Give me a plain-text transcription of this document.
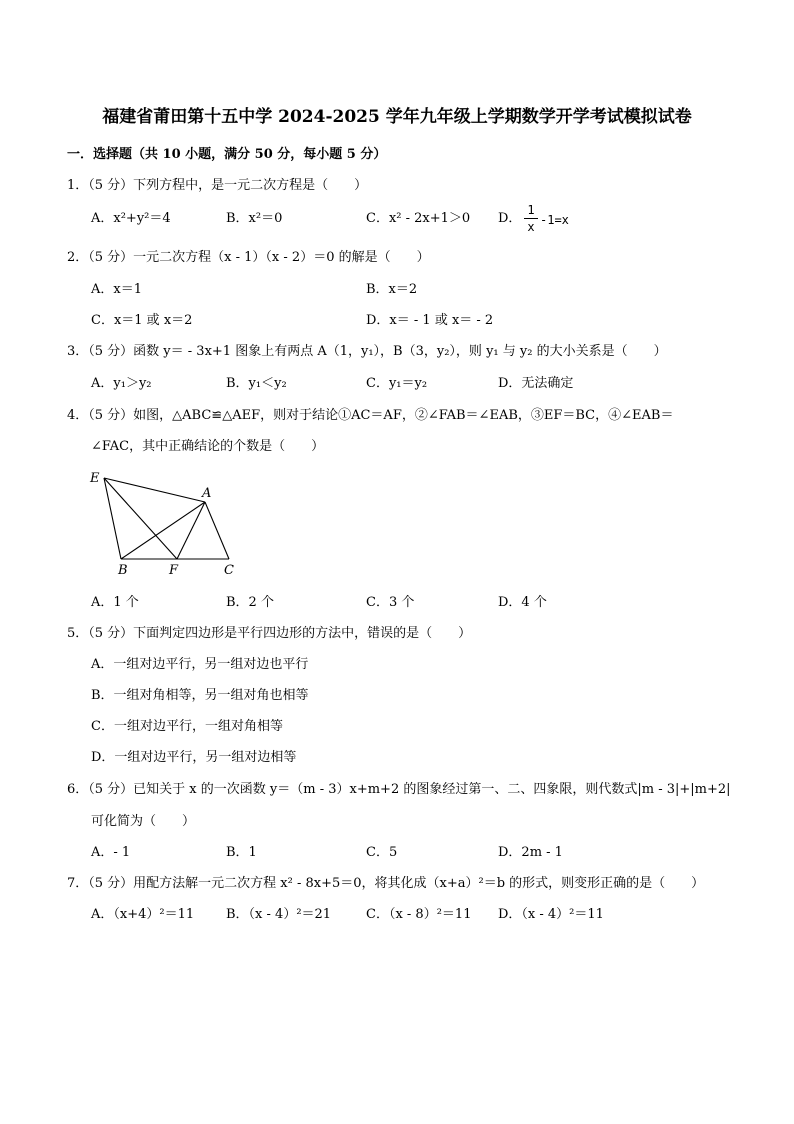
福建省莆田第十五中学 2024-2025 学年九年级上学期数学开学考试模拟试卷
一．选择题（共 10 小题，满分 50 分，每小题 5 分）
1．（5 分）下列方程中，是一元二次方程是（　　）
A．x²+y²＝4	B．x²＝0	C．x² - 2x+1＞0 D．
1
x -1=x
2．（5 分）一元二次方程（x - 1）（x - 2）＝0 的解是（　　）
A．x＝1	B．x＝2
C．x＝1 或 x＝2	D．x＝ - 1 或 x＝ - 2
3．（5 分）函数 y＝ - 3x+1 图象上有两点 A（1，y₁），B（3，y₂），则 y₁ 与 y₂ 的大小关系是（　　）
A．y₁＞y₂	B．y₁＜y₂	C．y₁＝y₂	D．无法确定
4．（5 分）如图，△ABC≌△AEF，则对于结论①AC＝AF，②∠FAB＝∠EAB，③EF＝BC，④∠EAB＝
∠FAC，其中正确结论的个数是（　　）
E
A
B	F	C
A．1 个	B．2 个	C．3 个	D．4 个
5．（5 分）下面判定四边形是平行四边形的方法中，错误的是（　　）
A．一组对边平行，另一组对边也平行
B．一组对角相等，另一组对角也相等
C．一组对边平行，一组对角相等
D．一组对边平行，另一组对边相等
6．（5 分）已知关于 x 的一次函数 y＝（m - 3）x+m+2 的图象经过第一、二、四象限，则代数式|m - 3|+|m+2|
可化简为（　　）
A．- 1	B．1	C．5	D．2m - 1
7．（5 分）用配方法解一元二次方程 x² - 8x+5＝0，将其化成（x+a）²＝b 的形式，则变形正确的是（　　）
A．（x+4）²＝11 B．（x - 4）²＝21	C．（x - 8）²＝11 D．（x - 4）²＝11
